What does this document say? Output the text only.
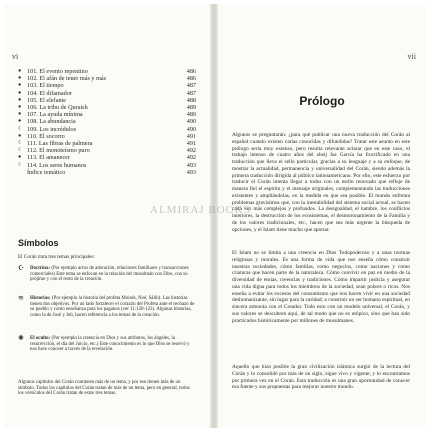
vi	vii
● 101. El evento repentino	486
● 102. El afán de tener más y más	486
● 103. El tiempo	487
● 104. El difamador	487
● 105. El elefante	488
● 106. La tribu de Quraish	489
● 107. La ayuda mínima	489
● 108. La abundancia	490
☾ 109. Los incrédulos	490
● 110. El socorro	491
☾ 111. Las fibras de palmera	491
☾ 112. El monoteísmo puro	492
● 113. El amanecer	492
☾ 114. Los seres humanos	493
Índice temático	493
Símbolos
El Corán trata tres temas principales:
☪	Doctrina: (Por ejemplo actos de adoración, relaciones familiares y transacciones comerciales) Este tema se enfocan en la relación del musulmán con Dios, con su prójimo y con el resto de la creación.
≋	Historias: (Por ejemplo la historia del profeta Moisés, Noé, Sálih). Las historias tienen dos objetivos. Por un lado fortalecer el corazón del Profeta ante el rechazo de su pueblo y como enseñanza para los paganos (ver 11:120-123). Algunas historias, como la de José y Job, hacen referencia a los temas de la creación.
✺	El oculto: (Por ejemplo la creencia en Dios y sus atributos, los ángeles, la resurrección, el día del Juicio, etc.) Este conocimiento es lo que Dios se reservó y nos hace conocer a través de la revelación.
Algunos capítulos del Corán contienen más de un tema, y por eso tienen más de un símbolo. Todos los capítulos del Corán tratan de más de un tema, pero en general, todos los versículos del Corán tratan de estos tres temas.
Prólogo
Algunos se preguntarán: ¿para qué publicar una nueva traducción del Corán al español cuando existen varias conocidas y difundidas? Tratar este asunto en este prólogo sería muy extenso, pero resulta relevante aclarar que en este caso, el trabajo intenso de cuatro años del sheij Isa García ha fructificado en una traducción que lleva el sello particular, gracias a su lenguaje y a su enfoque, de mostrar la actualidad, permanencia y universalidad del Corán, siendo además la primera traducción dirigida al público latinoamericano. Por ello, este esfuerzo por traducir el Corán intenta llegar a todos con un estilo renovado que refleje de manera fiel el espíritu y el mensaje originales, complementando las traducciones existentes y ampliándolas, en la medida en que sea posible. El mundo enfrenta problemas gravísimos que, con la inestabilidad del sistema social actual, se hacen cada vez más complejos y profundos. La desigualdad, el hambre, los conflictos interiores, la destrucción de los ecosistemas, el desmoronamiento de la Familia y de los valores tradicionales, etc., hacen que sea más urgente la búsqueda de opciones, y el Islam tiene mucho que aportar.
El Islam no se limita a una creencia en Dios Todopoderoso y a unas normas religiosas y morales. Es una forma de vida que nos enseña cómo construir nuestras sociedades, cómo familias, como negocios, como naciones y como criaturas que hacen parte de la naturaleza. Cómo convivir en paz en medio de la diversidad de etnias, creencias y tradiciones. Cómo impartir justicia y asegurar una vida digna para todos los miembros de la sociedad, sean pobres o ricos. Nos enseña a evitar los excesos del consumismo que nos hacen vivir en una sociedad deshumanizante, sin lugar para la caridad; a construir un ser humano espiritual, en sincera armonía con el Creador. Todo esto con un modelo universal, el Corán, y sus valores se descubren aquí, de tal modo que no es utópico, sino que han sido practicados históricamente por millones de musulmanes.
Aquello que hizo posible la gran civilización islámica surgió de la lectura del Corán y lo consolidó por más de un siglo, sigue vivo y vigente, y lo encontramos por primera vez en el Corán. Esta traducción es una gran oportunidad de conocer esa fuente y sus propuestas para mejorar nuestro mundo.
ALMIRAJ BOOKS
